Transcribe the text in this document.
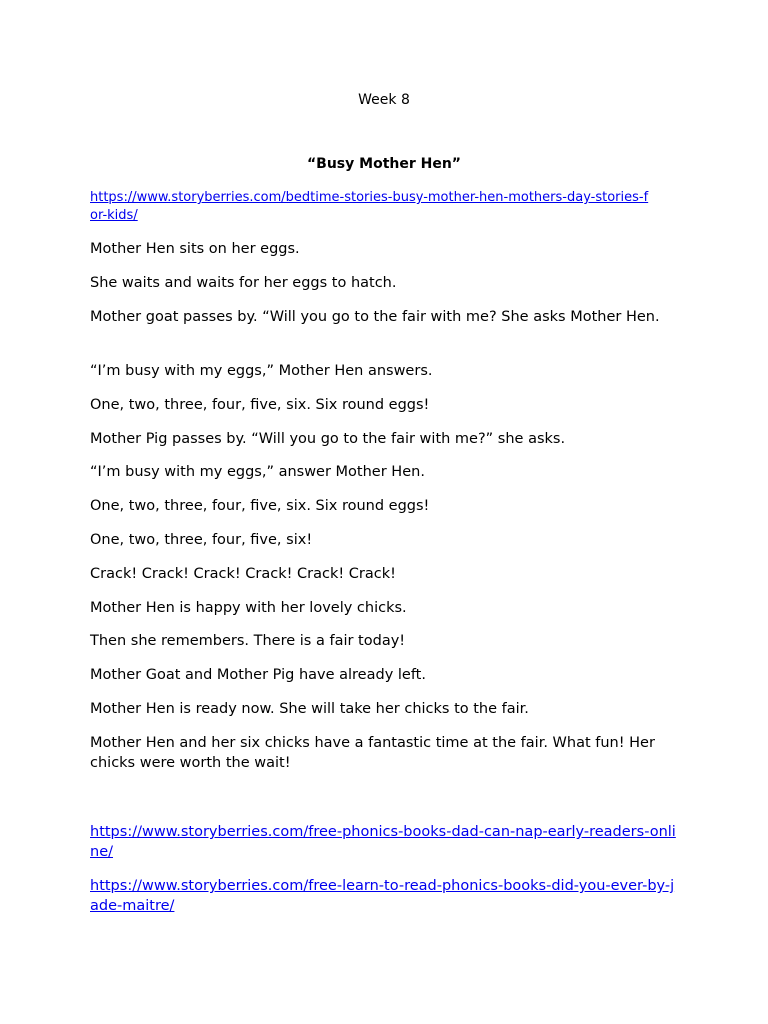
Week 8
“Busy Mother Hen”
https://www.storyberries.com/bedtime-stories-busy-mother-hen-mothers-day-stories-for-kids/

Mother Hen sits on her eggs.

She waits and waits for her eggs to hatch.

Mother goat passes by. “Will you go to the fair with me? She asks Mother Hen.

“I’m busy with my eggs,” Mother Hen answers.

One, two, three, four, five, six. Six round eggs!

Mother Pig passes by. “Will you go to the fair with me?” she asks.

“I’m busy with my eggs,” answer Mother Hen.

One, two, three, four, five, six. Six round eggs!

One, two, three, four, five, six!

Crack! Crack! Crack! Crack! Crack! Crack!

Mother Hen is happy with her lovely chicks.

Then she remembers. There is a fair today!

Mother Goat and Mother Pig have already left.

Mother Hen is ready now. She will take her chicks to the fair.

Mother Hen and her six chicks have a fantastic time at the fair. What fun! Her chicks were worth the wait!

https://www.storyberries.com/free-phonics-books-dad-can-nap-early-readers-online/
https://www.storyberries.com/free-learn-to-read-phonics-books-did-you-ever-by-jade-maitre/
